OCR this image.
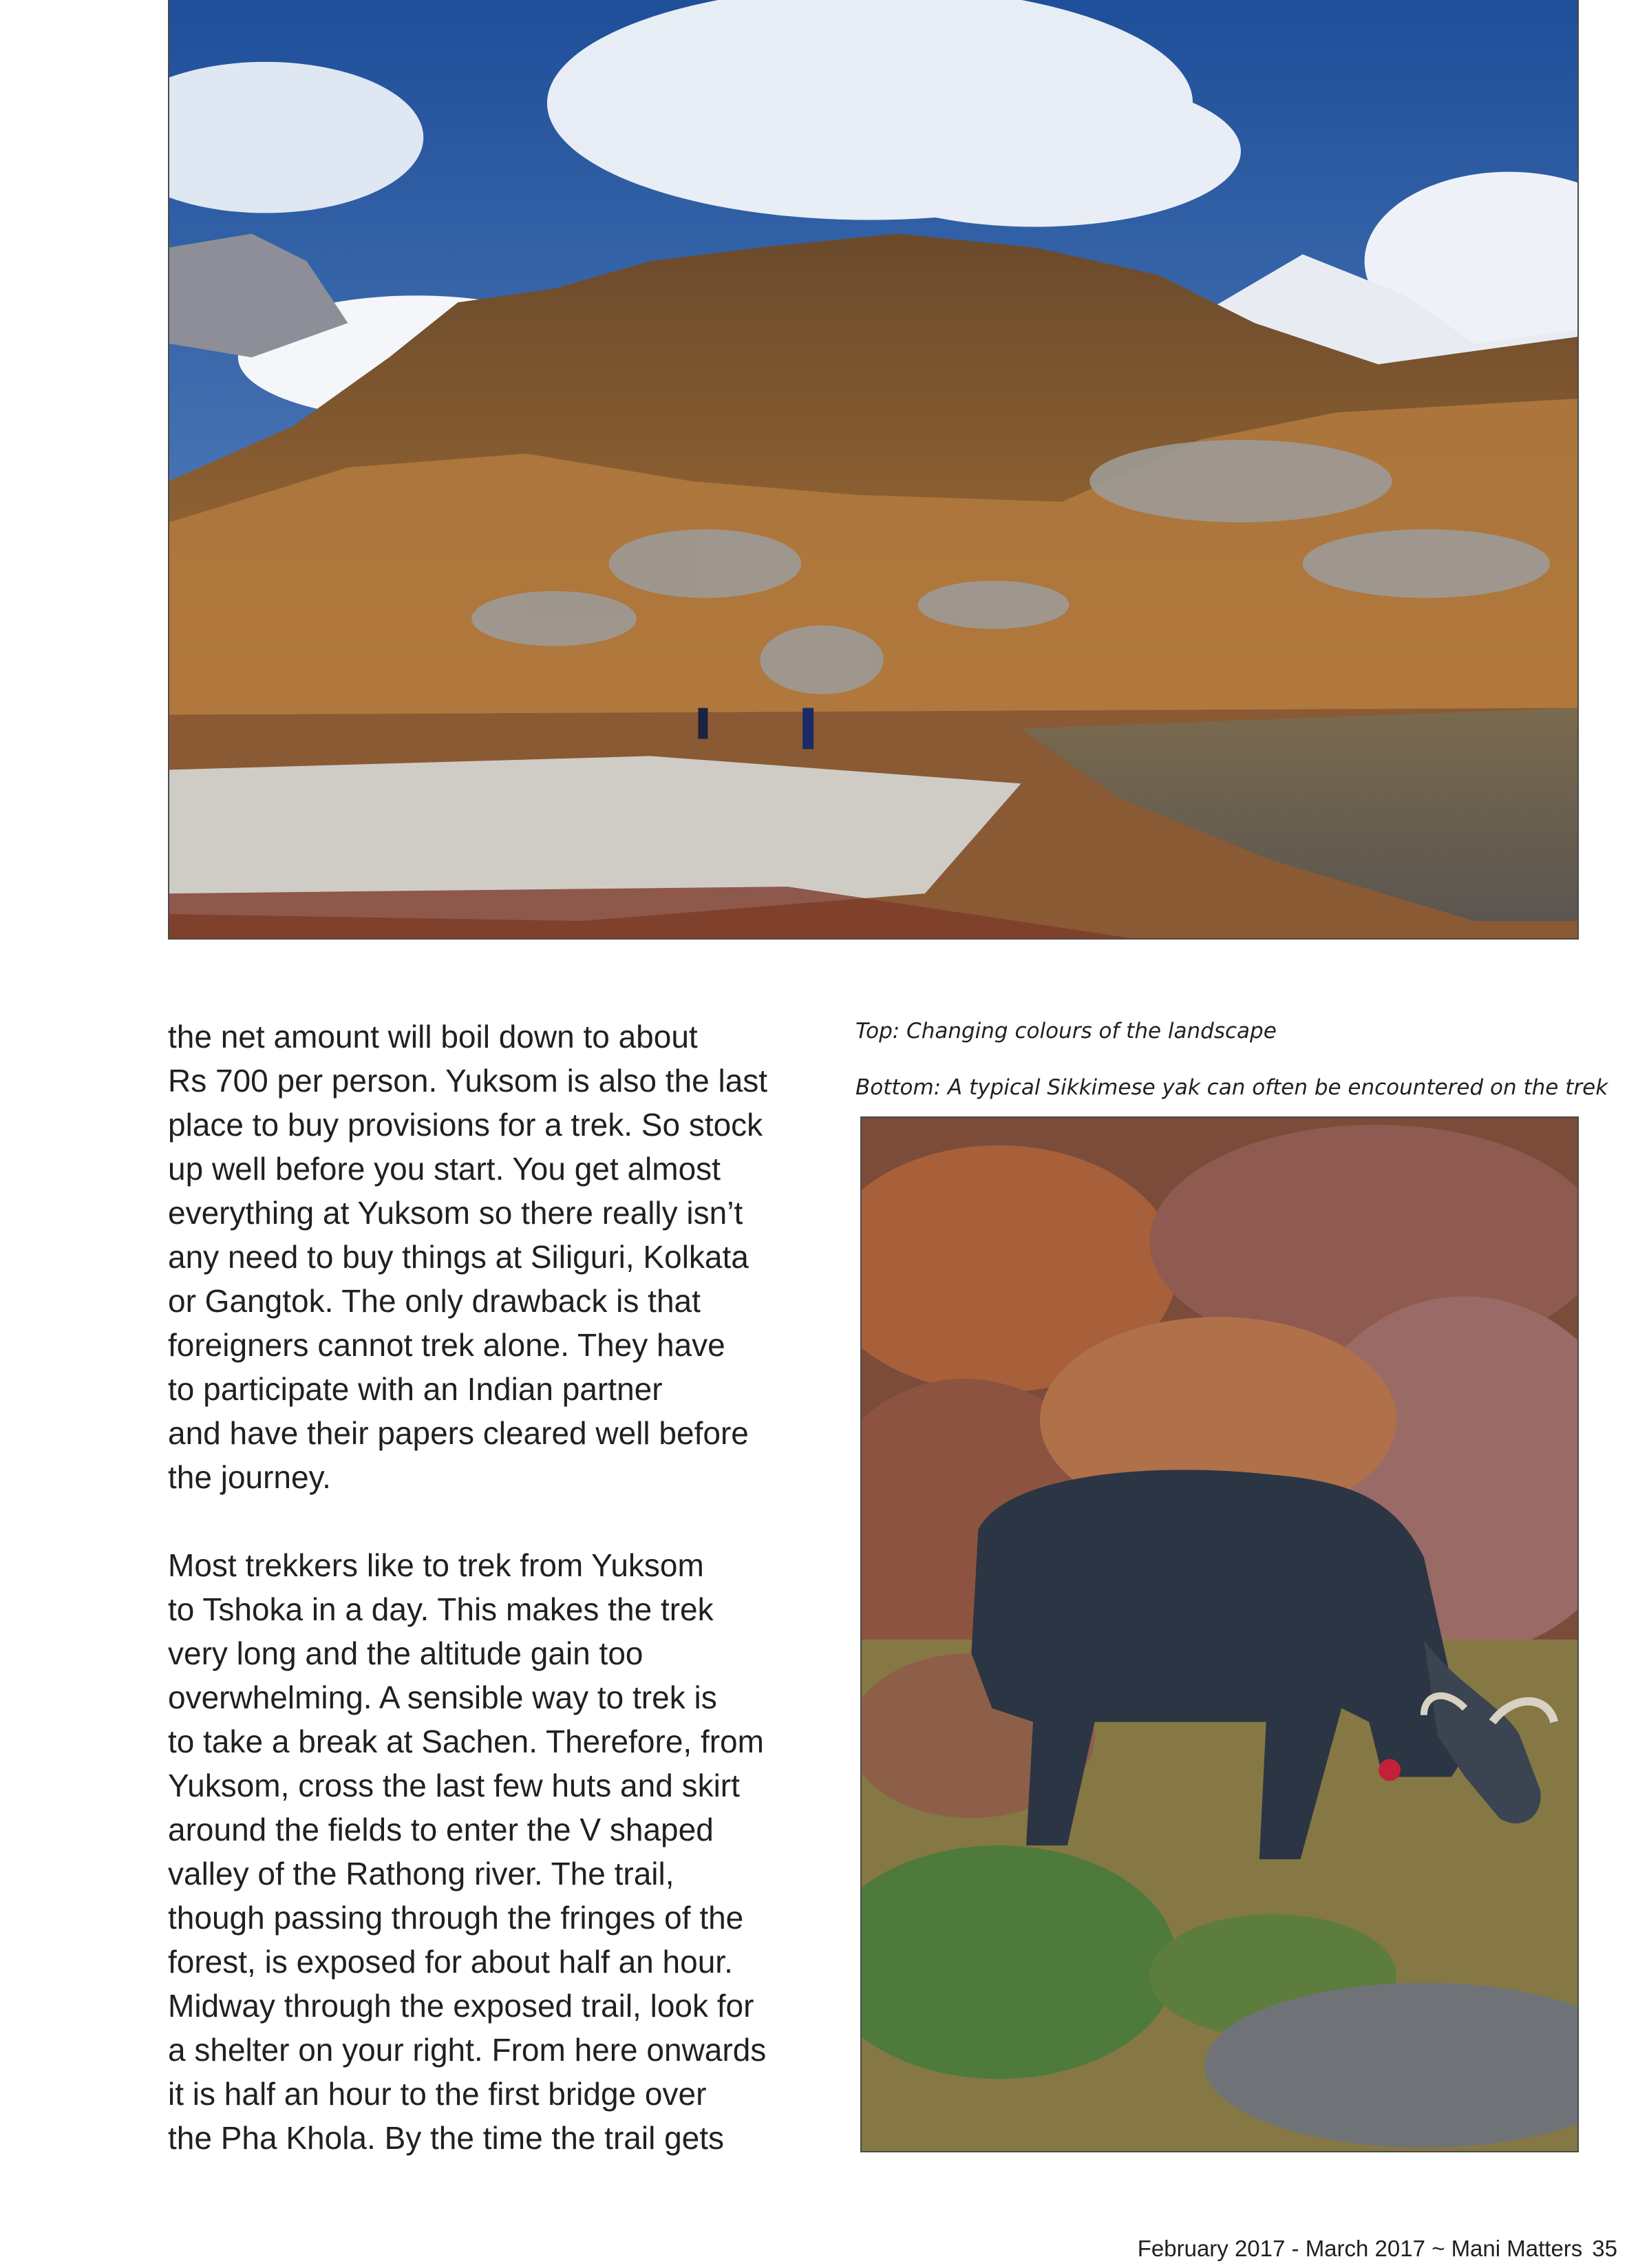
the net amount will boil down to about
Rs 700 per person. Yuksom is also the last
place to buy provisions for a trek. So stock
up well before you start. You get almost
everything at Yuksom so there really isn’t
any need to buy things at Siliguri, Kolkata
or Gangtok. The only drawback is that
foreigners cannot trek alone. They have
to participate with an Indian partner
and have their papers cleared well before
the journey.

Most trekkers like to trek from Yuksom
to Tshoka in a day. This makes the trek
very long and the altitude gain too
overwhelming. A sensible way to trek is
to take a break at Sachen. Therefore, from
Yuksom, cross the last few huts and skirt
around the fields to enter the V shaped
valley of the Rathong river. The trail,
though passing through the fringes of the
forest, is exposed for about half an hour.
Midway through the exposed trail, look for
a shelter on your right. From here onwards
it is half an hour to the first bridge over
the Pha Khola. By the time the trail gets

Top: Changing colours of the landscape

Bottom: A typical Sikkimese yak can often be encountered on the trek

February 2017 - March 2017 ~ Mani Matters 35
